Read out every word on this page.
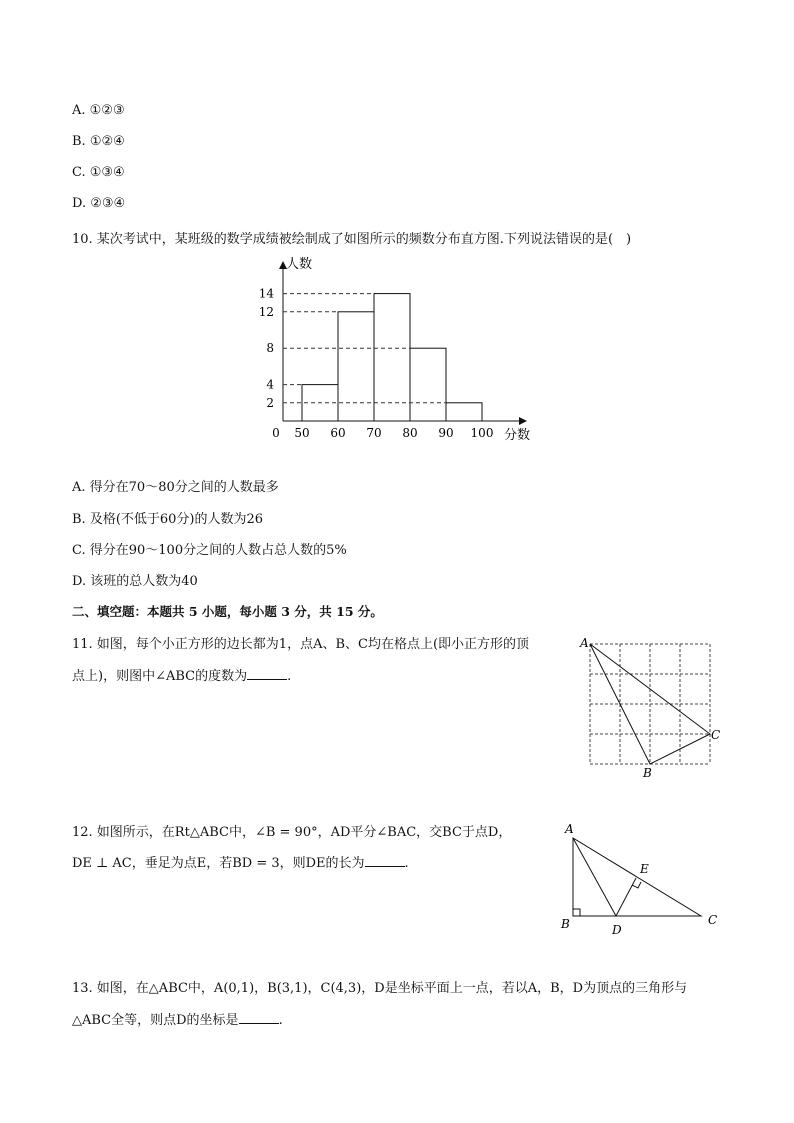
A. ①②③
B. ①②④
C. ①③④
D. ②③④
10. 某次考试中，某班级的数学成绩被绘制成了如图所示的频数分布直方图.下列说法错误的是(　)
2
4
8
12
14
50 60 70 80 90 100
0	分数
人数
A. 得分在70～80分之间的人数最多
B. 及格(不低于60分)的人数为26
C. 得分在90～100分之间的人数占总人数的5%
D. 该班的总人数为40
二、填空题：本题共 5 小题，每小题 3 分，共 15 分。
11. 如图，每个小正方形的边长都为1，点A、B、C均在格点上(即小正方形的顶
点上)，则图中∠ABC的度数为	.
A
B
C
12. 如图所示，在Rt△ABC中，∠B = 90°，AD平分∠BAC，交BC于点D，
DE ⊥ AC，垂足为点E，若BD = 3，则DE的长为	.
A
B	C
D
E
13. 如图，在△ABC中，A(0,1)，B(3,1)，C(4,3)，D是坐标平面上一点，若以A，B，D为顶点的三角形与
△ABC全等，则点D的坐标是	.
